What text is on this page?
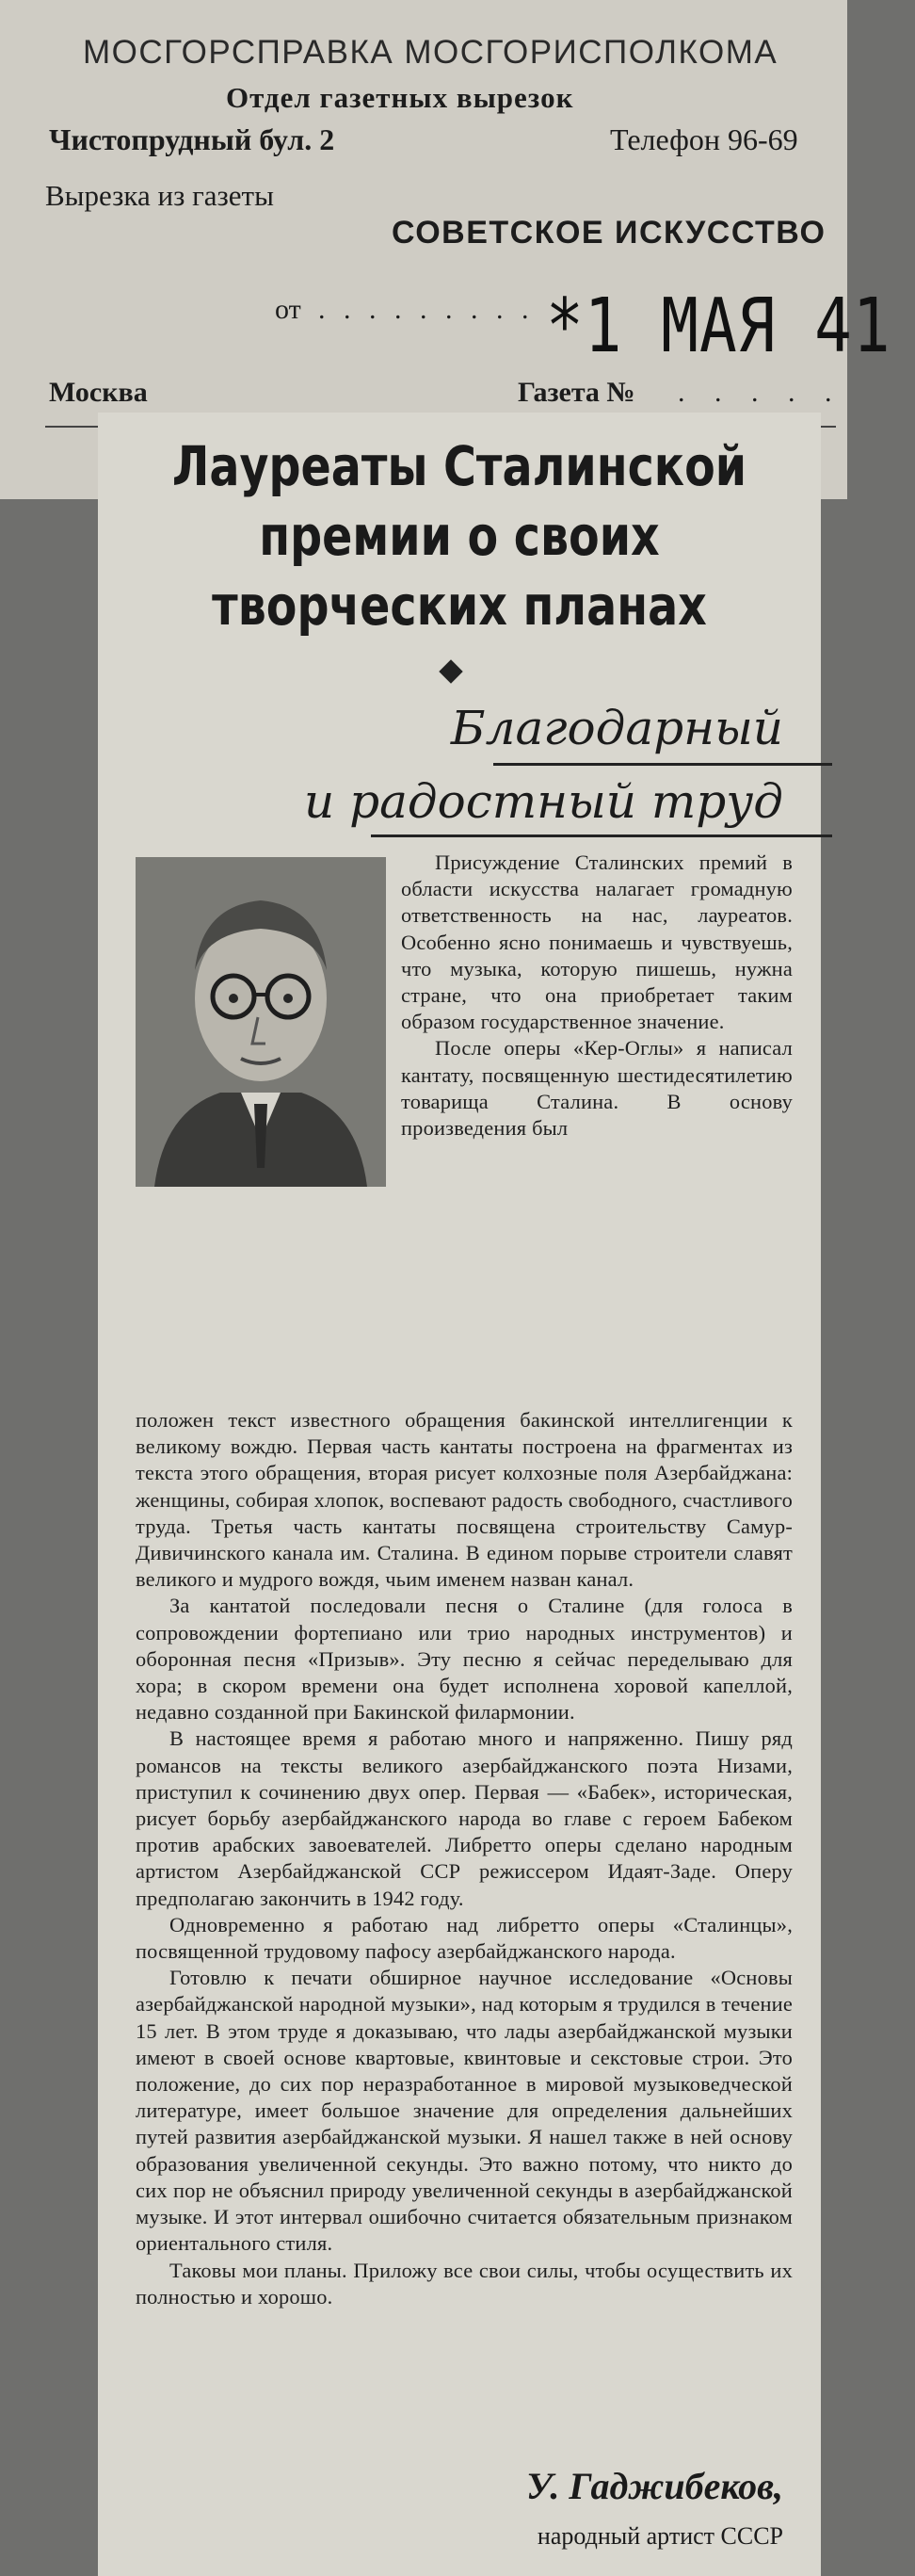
МОСГОРСПРАВКА МОСГОРИСПОЛКОМА
Отдел газетных вырезок
Чистопрудный бул. 2	Телефон 96-69
Вырезка из газеты
СОВЕТСКОЕ ИСКУССТВО
от . . . . . . . . . *1 МАЯ 41
Москва	Газета № . . . . .
Лауреаты Сталинской премии о своих творческих планах
Благодарный
и радостный труд

Присуждение Сталинских премий в области искусства налагает громадную ответственность на нас, лауреатов. Особенно ясно понимаешь и чувствуешь, что музыка, которую пишешь, нужна стране, что она приобретает таким образом государственное значение.

После оперы «Кер-Оглы» я написал кантату, посвященную шестидесятилетию товарища Сталина. В основу произведения был

положен текст известного обращения бакинской интеллигенции к великому вождю. Первая часть кантаты построена на фрагментах из текста этого обращения, вторая рисует колхозные поля Азербайджана: женщины, собирая хлопок, воспевают радость свободного, счастливого труда. Третья часть кантаты посвящена строительству Самур-Дивичинского канала им. Сталина. В едином порыве строители славят великого и мудрого вождя, чьим именем назван канал.

За кантатой последовали песня о Сталине (для голоса в сопровождении фортепиано или трио народных инструментов) и оборонная песня «Призыв». Эту песню я сейчас переделываю для хора; в скором времени она будет исполнена хоровой капеллой, недавно созданной при Бакинской филармонии.

В настоящее время я работаю много и напряженно. Пишу ряд романсов на тексты великого азербайджанского поэта Низами, приступил к сочинению двух опер. Первая — «Бабек», историческая, рисует борьбу азербайджанского народа во главе с героем Бабеком против арабских завоевателей. Либретто оперы сделано народным артистом Азербайджанской ССР режиссером Идаят-Заде. Оперу предполагаю закончить в 1942 году.

Одновременно я работаю над либретто оперы «Сталинцы», посвященной трудовому пафосу азербайджанского народа.

Готовлю к печати обширное научное исследование «Основы азербайджанской народной музыки», над которым я трудился в течение 15 лет. В этом труде я доказываю, что лады азербайджанской музыки имеют в своей основе квартовые, квинтовые и секстовые строи. Это положение, до сих пор неразработанное в мировой музыковедческой литературе, имеет большое значение для определения дальнейших путей развития азербайджанской музыки. Я нашел также в ней основу образования увеличенной секунды. Это важно потому, что никто до сих пор не объяснил природу увеличенной секунды в азербайджанской музыке. И этот интервал ошибочно считается обязательным признаком ориентального стиля.

Таковы мои планы. Приложу все свои силы, чтобы осуществить их полностью и хорошо.

У. Гаджибеков,
народный артист СССР
